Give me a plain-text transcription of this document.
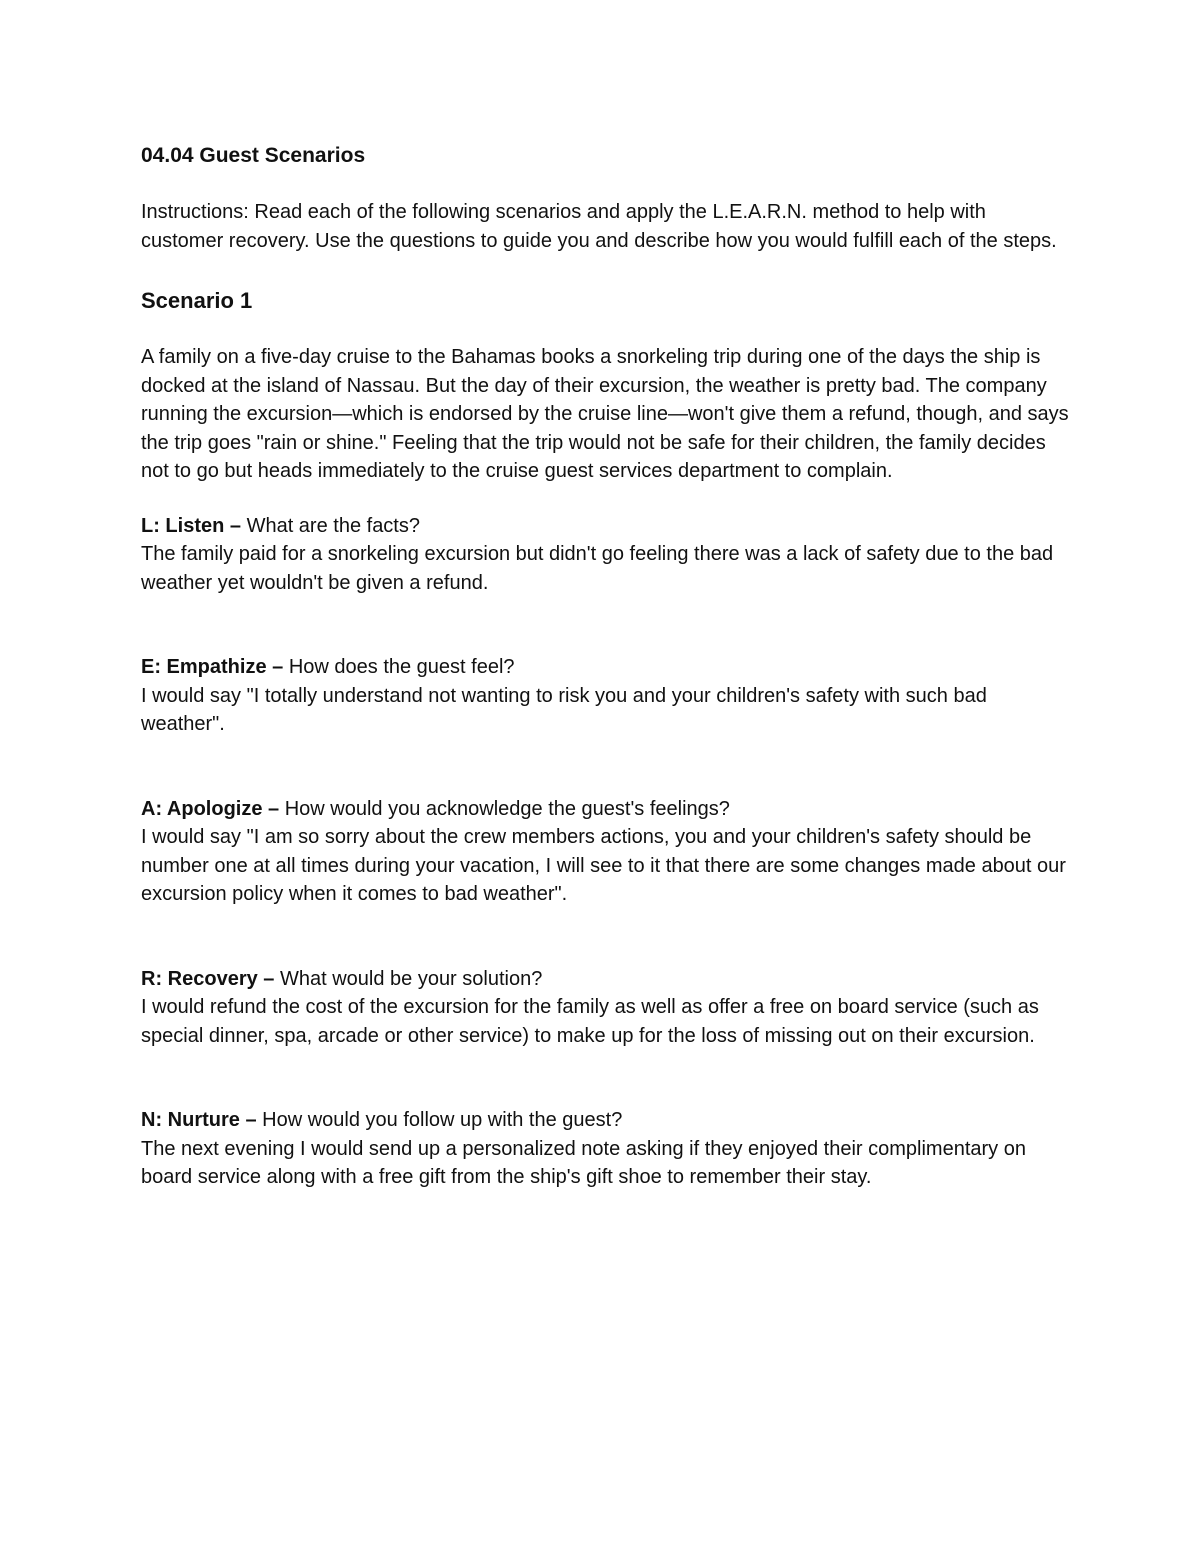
04.04 Guest Scenarios

Instructions: Read each of the following scenarios and apply the L.E.A.R.N. method to help with customer recovery. Use the questions to guide you and describe how you would fulfill each of the steps.

Scenario 1

A family on a five-day cruise to the Bahamas books a snorkeling trip during one of the days the ship is docked at the island of Nassau. But the day of their excursion, the weather is pretty bad. The company running the excursion—which is endorsed by the cruise line—won't give them a refund, though, and says the trip goes "rain or shine." Feeling that the trip would not be safe for their children, the family decides not to go but heads immediately to the cruise guest services department to complain.

L: Listen – What are the facts?

The family paid for a snorkeling excursion but didn't go feeling there was a lack of safety due to the bad weather yet wouldn't be given a refund.

E: Empathize – How does the guest feel?

I would say "I totally understand not wanting to risk you and your children's safety with such bad weather".

A: Apologize – How would you acknowledge the guest's feelings?

I would say "I am so sorry about the crew members actions, you and your children's safety should be number one at all times during your vacation, I will see to it that there are some changes made about our excursion policy when it comes to bad weather".

R: Recovery – What would be your solution?

I would refund the cost of the excursion for the family as well as offer a free on board service (such as special dinner, spa, arcade or other service) to make up for the loss of missing out on their excursion.

N: Nurture – How would you follow up with the guest?

The next evening I would send up a personalized note asking if they enjoyed their complimentary on board service along with a free gift from the ship's gift shoe to remember their stay.
